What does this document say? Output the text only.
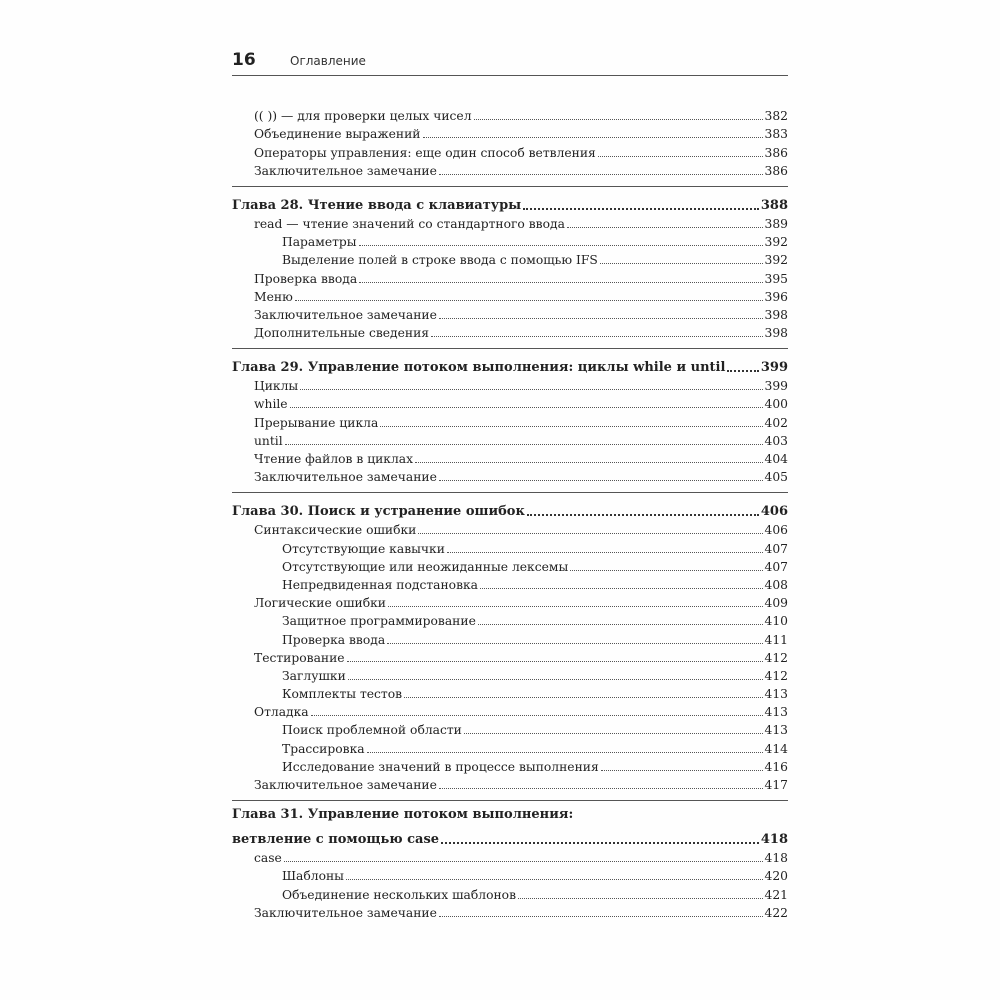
16	Оглавление
(( )) — для проверки целых чисел	382
Объединение выражений	383
Операторы управления: еще один способ ветвления	386
Заключительное замечание	386
Глава 28. Чтение ввода с клавиатуры	388
read — чтение значений со стандартного ввода	389
Параметры	392
Выделение полей в строке ввода с помощью IFS	392
Проверка ввода	395
Меню	396
Заключительное замечание	398
Дополнительные сведения	398
Глава 29. Управление потоком выполнения: циклы while и until	399
Циклы	399
while	400
Прерывание цикла	402
until	403
Чтение файлов в циклах	404
Заключительное замечание	405
Глава 30. Поиск и устранение ошибок	406
Синтаксические ошибки	406
Отсутствующие кавычки	407
Отсутствующие или неожиданные лексемы	407
Непредвиденная подстановка	408
Логические ошибки	409
Защитное программирование	410
Проверка ввода	411
Тестирование	412
Заглушки	412
Комплекты тестов	413
Отладка	413
Поиск проблемной области	413
Трассировка	414
Исследование значений в процессе выполнения	416
Заключительное замечание	417
Глава 31. Управление потоком выполнения:
ветвление с помощью case	418
case	418
Шаблоны	420
Объединение нескольких шаблонов	421
Заключительное замечание	422
